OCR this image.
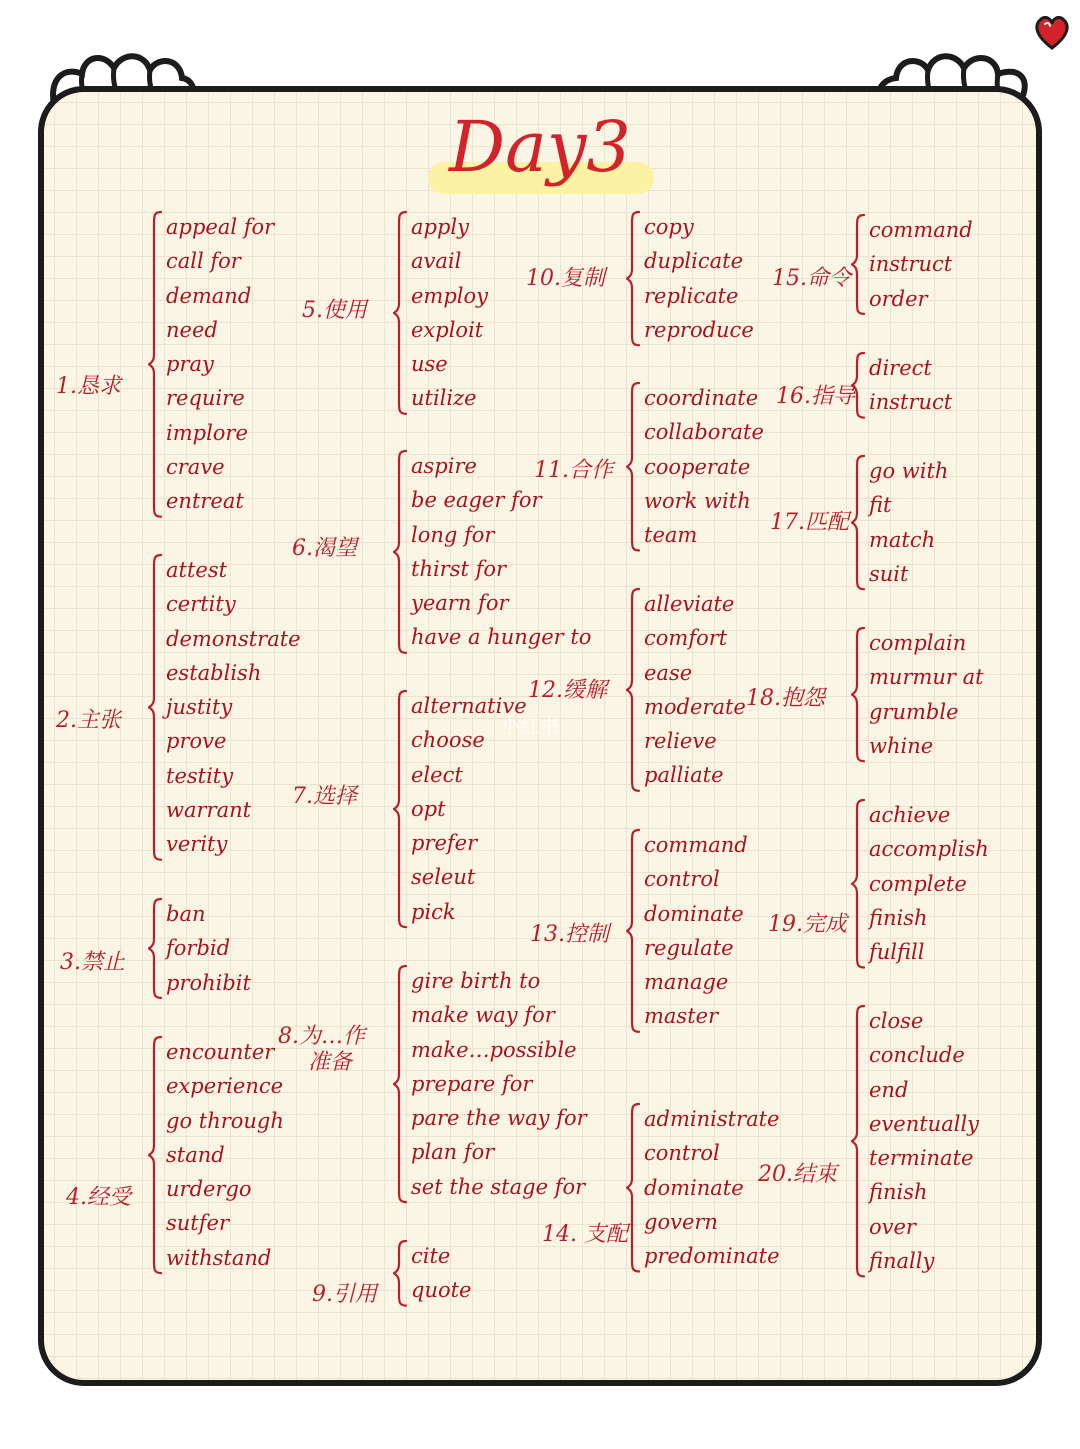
Day3
小红书
1.恳求
appeal for
call for
demand
need
pray
require
implore
crave
entreat
2.主张
attest
certity
demonstrate
establish
justity
prove
testity
warrant
verity
3.禁止
ban
forbid
prohibit
4.经受
encounter
experience
go through
stand
urdergo
sutfer
withstand
5.使用
apply
avail
employ
exploit
use
utilize
6.渴望
aspire
be eager for
long for
thirst for
yearn for
have a hunger to
7.选择
alternative
choose
elect
opt
prefer
seleut
pick
8.为…作
准备
gire birth to
make way for
make…possible
prepare for
pare the way for
plan for
set the stage for
9.引用
cite
quote
10.复制
copy
duplicate
replicate
reproduce
11.合作
coordinate
collaborate
cooperate
work with
team
12.缓解
alleviate
comfort
ease
moderate
relieve
palliate
13.控制
command
control
dominate
regulate
manage
master
14. 支配
administrate
control
dominate
govern
predominate
15.命令
command
instruct
order
16.指导
direct
instruct
17.匹配
go with
fit
match
suit
18.抱怨
complain
murmur at
grumble
whine
19.完成
achieve
accomplish
complete
finish
fulfill
20.结束
close
conclude
end
eventually
terminate
finish
over
finally
